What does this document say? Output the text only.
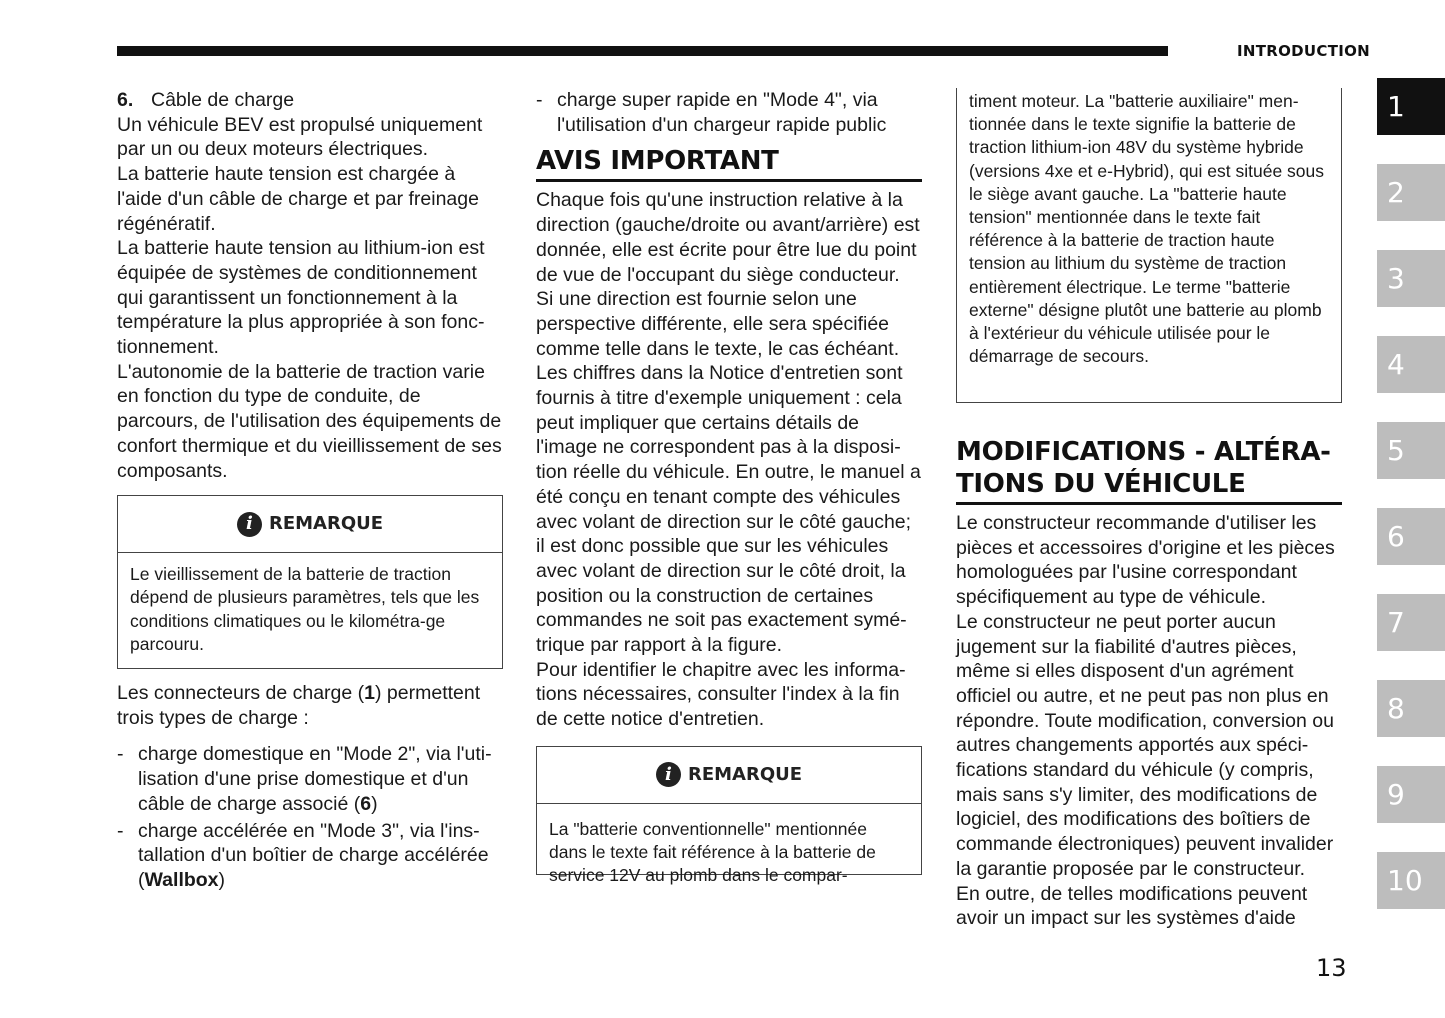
INTRODUCTION

6. Câble de charge

Un véhicule BEV est propulsé uniquement par un ou deux moteurs électriques.

La batterie haute tension est chargée à l'aide d'un câble de charge et par freinage régénératif.

La batterie haute tension au lithium-ion est équipée de systèmes de conditionnement qui garantissent un fonctionnement à la température la plus appropriée à son fonc-tionnement.

L'autonomie de la batterie de traction varie en fonction du type de conduite, de parcours, de l'utilisation des équipements de confort thermique et du vieillissement de ses composants.

i REMARQUE
Le vieillissement de la batterie de traction dépend de plusieurs paramètres, tels que les conditions climatiques ou le kilométra-ge parcouru.

Les connecteurs de charge (1) permettent trois types de charge :

- charge domestique en "Mode 2", via l'uti-lisation d'une prise domestique et d'un câble de charge associé (6)
- charge accélérée en "Mode 3", via l'ins-tallation d'un boîtier de charge accélérée (Wallbox)
- charge super rapide en "Mode 4", via l'utilisation d'un chargeur rapide public
AVIS IMPORTANT

Chaque fois qu'une instruction relative à la direction (gauche/droite ou avant/arrière) est donnée, elle est écrite pour être lue du point de vue de l'occupant du siège conducteur. Si une direction est fournie selon une perspective différente, elle sera spécifiée comme telle dans le texte, le cas échéant.

Les chiffres dans la Notice d'entretien sont fournis à titre d'exemple uniquement : cela peut impliquer que certains détails de l'image ne correspondent pas à la disposi-tion réelle du véhicule. En outre, le manuel a été conçu en tenant compte des véhicules avec volant de direction sur le côté gauche; il est donc possible que sur les véhicules avec volant de direction sur le côté droit, la position ou la construction de certaines commandes ne soit pas exactement symé-trique par rapport à la figure.

Pour identifier le chapitre avec les informa-tions nécessaires, consulter l'index à la fin de cette notice d'entretien.

i REMARQUE
La "batterie conventionnelle" mentionnée dans le texte fait référence à la batterie de service 12V au plomb dans le compar-
timent moteur. La "batterie auxiliaire" men-tionnée dans le texte signifie la batterie de traction lithium-ion 48V du système hybride (versions 4xe et e-Hybrid), qui est située sous le siège avant gauche. La "batterie haute tension" mentionnée dans le texte fait référence à la batterie de traction haute tension au lithium du système de traction entièrement électrique. Le terme "batterie externe" désigne plutôt une batterie au plomb à l'extérieur du véhicule utilisée pour le démarrage de secours.
MODIFICATIONS - ALTÉRA-TIONS DU VÉHICULE

Le constructeur recommande d'utiliser les pièces et accessoires d'origine et les pièces homologuées par l'usine correspondant spécifiquement au type de véhicule.

Le constructeur ne peut porter aucun jugement sur la fiabilité d'autres pièces, même si elles disposent d'un agrément officiel ou autre, et ne peut pas non plus en répondre. Toute modification, conversion ou autres changements apportés aux spéci-fications standard du véhicule (y compris, mais sans s'y limiter, des modifications de logiciel, des modifications des boîtiers de commande électroniques) peuvent invalider la garantie proposée par le constructeur.

En outre, de telles modifications peuvent avoir un impact sur les systèmes d'aide

1
2
3
4
5
6
7
8
9
10
13
